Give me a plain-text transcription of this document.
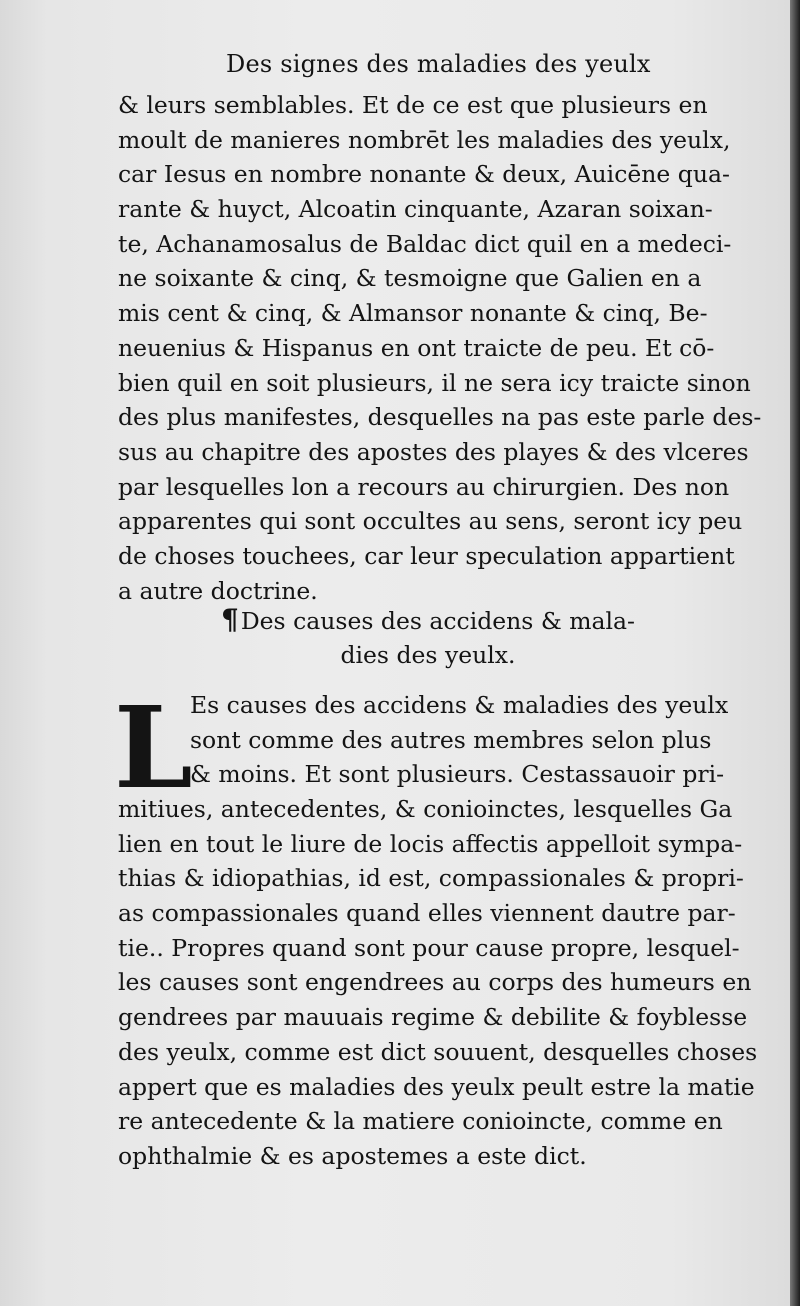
Des signes des maladies des yeulx
& leurs semblables. Et de ce est que plusieurs en
moult de manieres nombrēt les maladies des yeulx,
car Iesus en nombre nonante & deux, Auicēne qua-
rante & huyct, Alcoatin cinquante, Azaran soixan-
te, Achanamosalus de Baldac dict quil en a medeci-
ne soixante & cinq, & tesmoigne que Galien en a
mis cent & cinq, & Almansor nonante & cinq, Be-
neuenius & Hispanus en ont traicte de peu. Et cō-
bien quil en soit plusieurs, il ne sera icy traicte sinon
des plus manifestes, desquelles na pas este parle des-
sus au chapitre des apostes des playes & des vlceres
par lesquelles lon a recours au chirurgien. Des non
apparentes qui sont occultes au sens, seront icy peu
de choses touchees, car leur speculation appartient
a autre doctrine.
¶Des causes des accidens & mala-
dies des yeulx.
L
Es causes des accidens & maladies des yeulx
sont comme des autres membres selon plus
& moins. Et sont plusieurs. Cestassauoir pri-
mitiues, antecedentes, & conioinctes, lesquelles Ga
lien en tout le liure de locis affectis appelloit sympa-
thias & idiopathias, id est, compassionales & propri-
as compassionales quand elles viennent dautre par-
tie.. Propres quand sont pour cause propre, lesquel-
les causes sont engendrees au corps des humeurs en
gendrees par mauuais regime & debilite & foyblesse
des yeulx, comme est dict souuent, desquelles choses
appert que es maladies des yeulx peult estre la matie
re antecedente & la matiere conioincte, comme en
ophthalmie & es apostemes a este dict.
